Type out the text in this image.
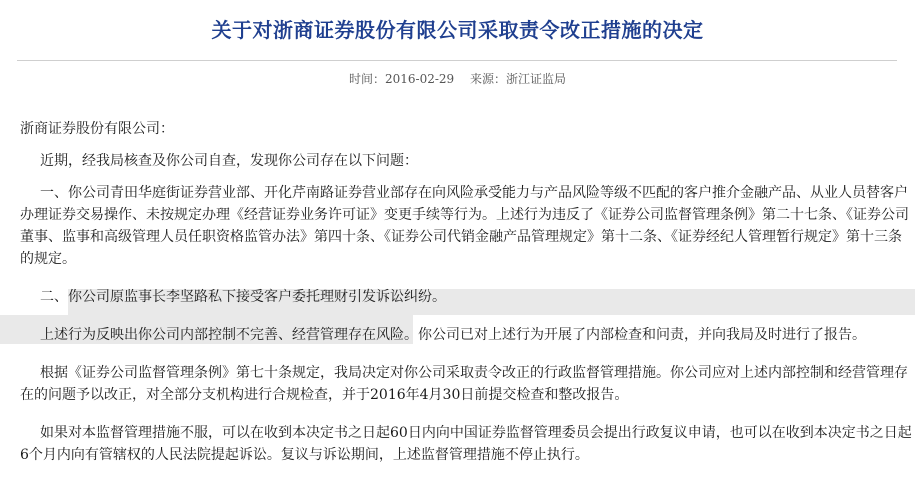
关于对浙商证券股份有限公司采取责令改正措施的决定
时间：2016-02-29 来源：浙江证监局

浙商证券股份有限公司：

近期，经我局核查及你公司自查，发现你公司存在以下问题：

一、你公司青田华庭街证券营业部、开化芹南路证券营业部存在向风险承受能力与产品风险等级不匹配的客户推介金融产品、从业人员替客户办理证券交易操作、未按规定办理《经营证券业务许可证》变更手续等行为。上述行为违反了《证券公司监督管理条例》第二十七条、《证券公司董事、监事和高级管理人员任职资格监管办法》第四十条、《证券公司代销金融产品管理规定》第十二条、《证券经纪人管理暂行规定》第十三条的规定。

二、你公司原监事长李坚路私下接受客户委托理财引发诉讼纠纷。

上述行为反映出你公司内部控制不完善、经营管理存在风险。你公司已对上述行为开展了内部检查和问责，并向我局及时进行了报告。

根据《证券公司监督管理条例》第七十条规定，我局决定对你公司采取责令改正的行政监督管理措施。你公司应对上述内部控制和经营管理存在的问题予以改正，对全部分支机构进行合规检查，并于2016年4月30日前提交检查和整改报告。

如果对本监督管理措施不服，可以在收到本决定书之日起60日内向中国证券监督管理委员会提出行政复议申请，也可以在收到本决定书之日起6个月内向有管辖权的人民法院提起诉讼。复议与诉讼期间，上述监督管理措施不停止执行。
